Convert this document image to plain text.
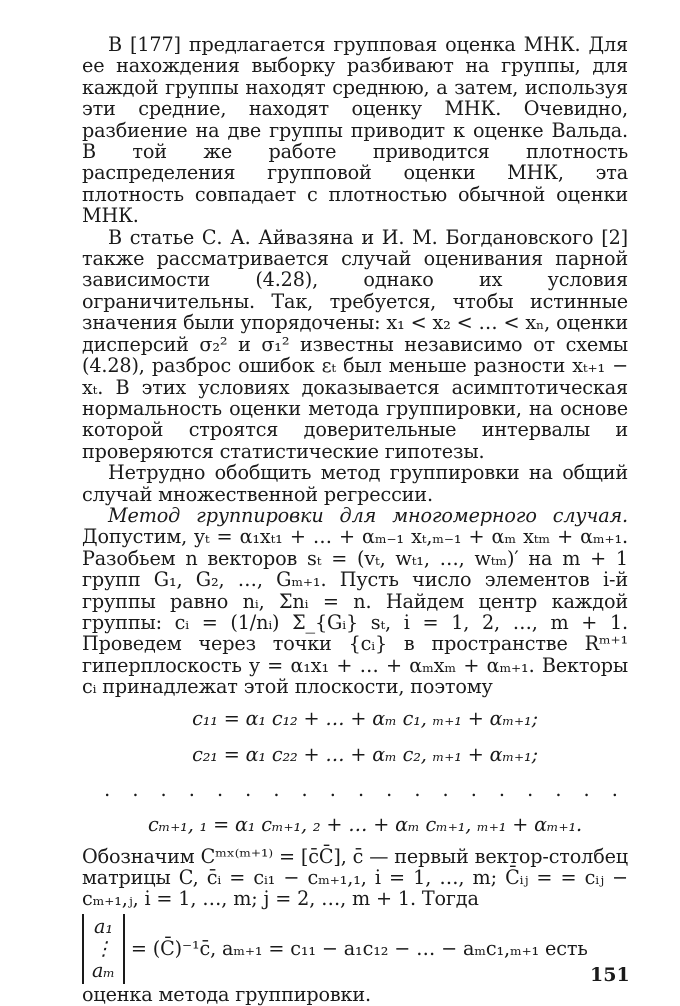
В [177] предлагается групповая оценка МНК. Для ее нахождения выборку разбивают на группы, для каждой группы находят среднюю, а затем, используя эти средние, находят оценку МНК. Очевидно, разбиение на две группы приводит к оценке Вальда. В той же работе приводится плотность распределения групповой оценки МНК, эта плотность совпадает с плотностью обычной оценки МНК.

В статье С. А. Айвазяна и И. М. Богдановского [2] также рассматривается случай оценивания парной зависимости (4.28), однако их условия ограничительны. Так, требуется, чтобы истинные значения были упорядочены: x₁ < x₂ < … < xₙ, оценки дисперсий σ₂² и σ₁² известны независимо от схемы (4.28), разброс ошибок εₜ был меньше разности xₜ₊₁ − xₜ. В этих условиях доказывается асимптотическая нормальность оценки метода группировки, на основе которой строятся доверительные интервалы и проверяются статистические гипотезы.

Нетрудно обобщить метод группировки на общий случай множественной регрессии.

Метод группировки для многомерного случая. Допустим, yₜ = α₁xₜ₁ + … + αₘ₋₁ xₜ,ₘ₋₁ + αₘ xₜₘ + αₘ₊₁. Разобьем n векторов sₜ = (vₜ, wₜ₁, …, wₜₘ)′ на m + 1 групп G₁, G₂, …, Gₘ₊₁. Пусть число элементов i-й группы равно nᵢ, Σnᵢ = n. Найдем центр каждой группы: cᵢ = (1/nᵢ) Σ_{Gᵢ} sₜ, i = 1, 2, …, m + 1. Проведем через точки {cᵢ} в пространстве Rᵐ⁺¹ гиперплоскость y = α₁x₁ + … + αₘxₘ + αₘ₊₁. Векторы cᵢ принадлежат этой плоскости, поэтому

c₁₁ = α₁ c₁₂ + … + αₘ c₁, ₘ₊₁ + αₘ₊₁;
c₂₁ = α₁ c₂₂ + … + αₘ c₂, ₘ₊₁ + αₘ₊₁;
. . . . . . . . . . . . . . . . . . .
cₘ₊₁, ₁ = α₁ cₘ₊₁, ₂ + … + αₘ cₘ₊₁, ₘ₊₁ + αₘ₊₁.

Обозначим Cᵐˣ⁽ᵐ⁺¹⁾ = [c̄C̄], c̄ — первый вектор-столбец матрицы C, c̄ᵢ = cᵢ₁ − cₘ₊₁,₁, i = 1, …, m; C̄ᵢⱼ = = cᵢⱼ − cₘ₊₁,ⱼ, i = 1, …, m; j = 2, …, m + 1. Тогда

a₁
⋮
aₘ
= (C̄)⁻¹c̄, aₘ₊₁ = c₁₁ − a₁c₁₂ − … − aₘc₁,ₘ₊₁ есть

оценка метода группировки.

151
